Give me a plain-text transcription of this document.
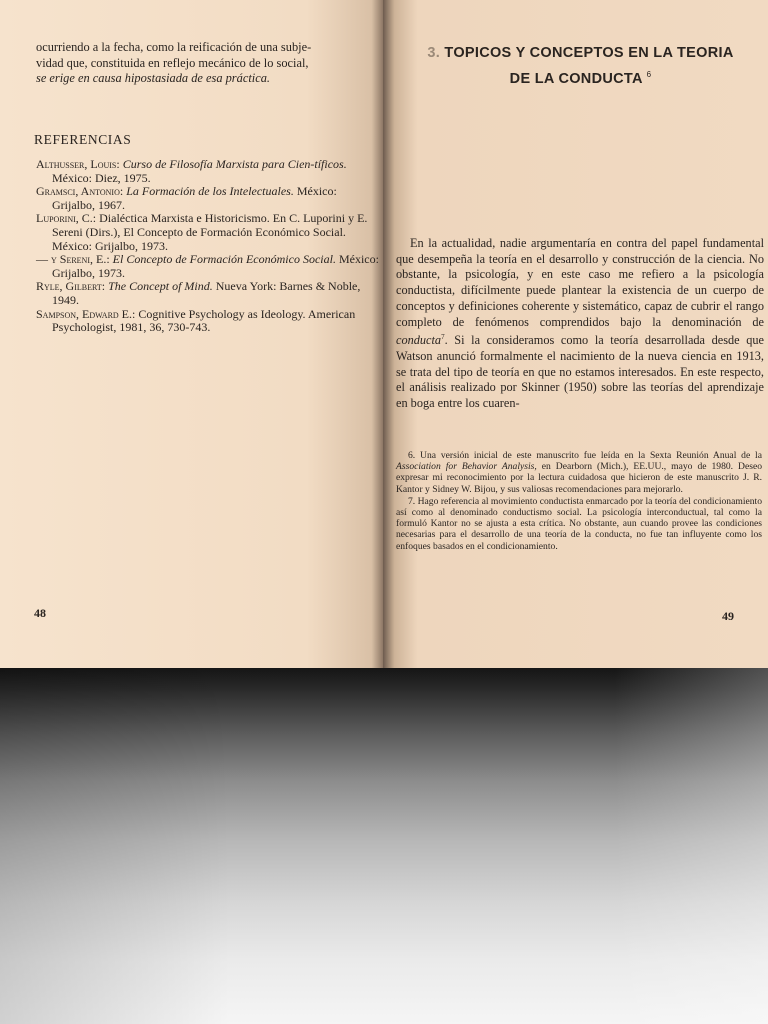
ocurriendo a la fecha, como la reificación de una subje-

vidad que, constituida en reflejo mecánico de lo social,

se erige en causa hipostasiada de esa práctica.

REFERENCIAS

Althusser, Louis: Curso de Filosofía Marxista para Cien-tíficos. México: Diez, 1975.

Gramsci, Antonio: La Formación de los Intelectuales. México: Grijalbo, 1967.

Luporini, C.: Dialéctica Marxista e Historicismo. En C. Luporini y E. Sereni (Dirs.), El Concepto de Formación Económico Social. México: Grijalbo, 1973.

— y Sereni, E.: El Concepto de Formación Económico Social. México: Grijalbo, 1973.

Ryle, Gilbert: The Concept of Mind. Nueva York: Barnes & Noble, 1949.

Sampson, Edward E.: Cognitive Psychology as Ideology. American Psychologist, 1981, 36, 730-743.

48
3. TOPICOS Y CONCEPTOS EN LA TEORIA
DE LA CONDUCTA $^6$
En la actualidad, nadie argumentaría en contra del papel fundamental que desempeña la teoría en el desarrollo y construcción de la ciencia. No obstante, la psicología, y en este caso me refiero a la psicología conductista, difícilmente puede plantear la existencia de un cuerpo de conceptos y definiciones coherente y sistemático, capaz de cubrir el rango completo de fenómenos comprendidos bajo la denominación de conducta$^7$. Si la consideramos como la teoría desarrollada desde que Watson anunció formalmente el nacimiento de la nueva ciencia en 1913, se trata del tipo de teoría en que no estamos interesados. En este respecto, el análisis realizado por Skinner (1950) sobre las teorías del aprendizaje en boga entre los cuaren-

6. Una versión inicial de este manuscrito fue leída en la Sexta Reunión Anual de la Association for Behavior Analysis, en Dearborn (Mich.), EE.UU., mayo de 1980. Deseo expresar mi reconocimiento por la lectura cuidadosa que hicieron de este manuscrito J. R. Kantor y Sidney W. Bijou, y sus valiosas recomendaciones para mejorarlo.

7. Hago referencia al movimiento conductista enmarcado por la teoría del condicionamiento así como al denominado conductismo social. La psicología interconductual, tal como la formuló Kantor no se ajusta a esta crítica. No obstante, aun cuando provee las condiciones necesarias para el desarrollo de una teoría de la conducta, no fue tan influyente como los enfoques basados en el condicionamiento.

49
